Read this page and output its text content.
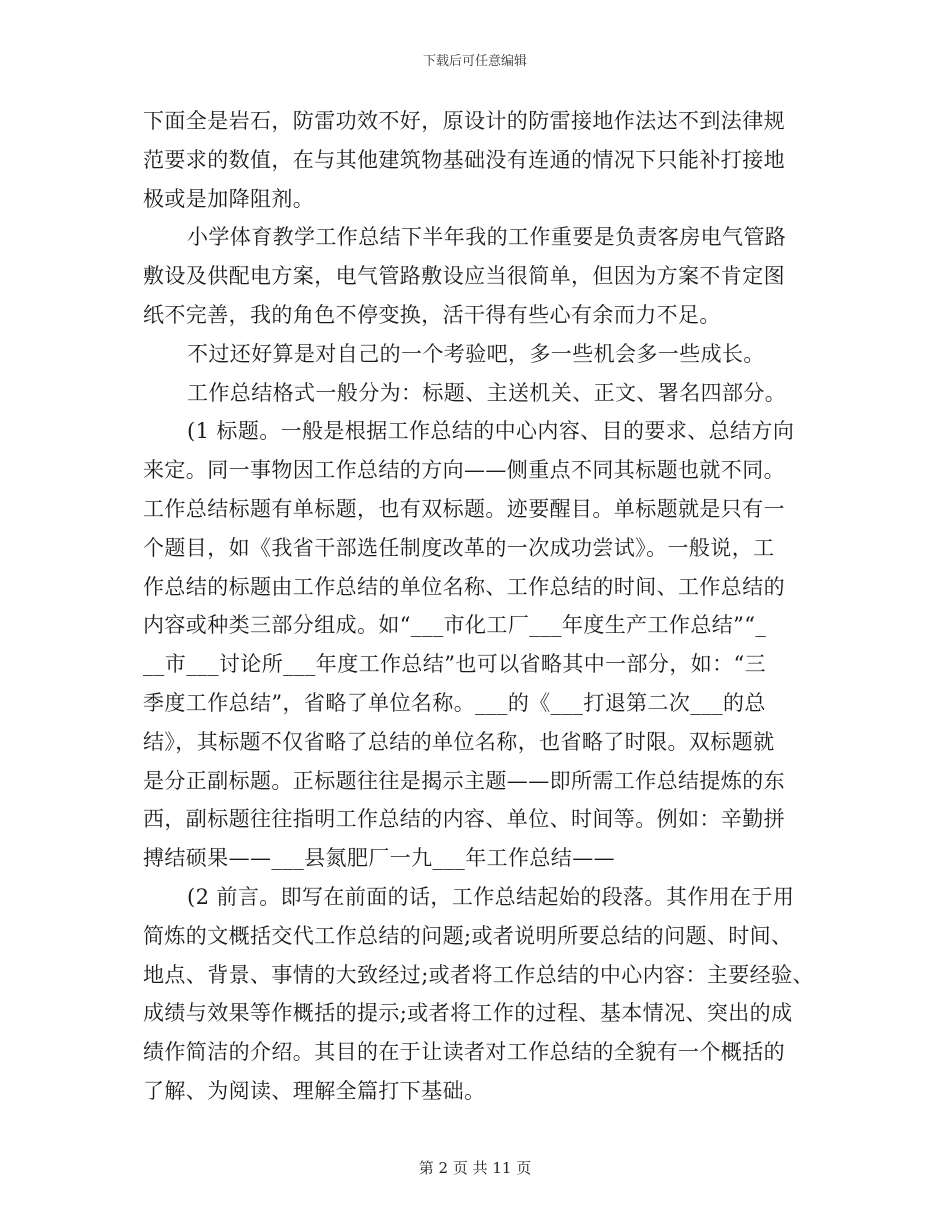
下载后可任意编辑
下面全是岩石，防雷功效不好，原设计的防雷接地作法达不到法律规
范要求的数值，在与其他建筑物基础没有连通的情况下只能补打接地
极或是加降阻剂。
小学体育教学工作总结下半年我的工作重要是负责客房电气管路
敷设及供配电方案，电气管路敷设应当很简单，但因为方案不肯定图
纸不完善，我的角色不停变换，活干得有些心有余而力不足。
不过还好算是对自己的一个考验吧，多一些机会多一些成长。
工作总结格式一般分为：标题、主送机关、正文、署名四部分。
(1 标题。一般是根据工作总结的中心内容、目的要求、总结方向
来定。同一事物因工作总结的方向——侧重点不同其标题也就不同。
工作总结标题有单标题，也有双标题。迹要醒目。单标题就是只有一
个题目，如《我省干部选任制度改革的一次成功尝试》。一般说，工
作总结的标题由工作总结的单位名称、工作总结的时间、工作总结的
内容或种类三部分组成。如“___市化工厂___年度生产工作总结”“_
__市___讨论所___年度工作总结”也可以省略其中一部分，如：“三
季度工作总结”，省略了单位名称。___的《___打退第二次___的总
结》，其标题不仅省略了总结的单位名称，也省略了时限。双标题就
是分正副标题。正标题往往是揭示主题——即所需工作总结提炼的东
西，副标题往往指明工作总结的内容、单位、时间等。例如：辛勤拼
搏结硕果——___县氮肥厂一九___年工作总结——
(2 前言。即写在前面的话，工作总结起始的段落。其作用在于用
简炼的文概括交代工作总结的问题;或者说明所要总结的问题、时间、
地点、背景、事情的大致经过;或者将工作总结的中心内容：主要经验、
成绩与效果等作概括的提示;或者将工作的过程、基本情况、突出的成
绩作简洁的介绍。其目的在于让读者对工作总结的全貌有一个概括的
了解、为阅读、理解全篇打下基础。
第 2 页 共 11 页
